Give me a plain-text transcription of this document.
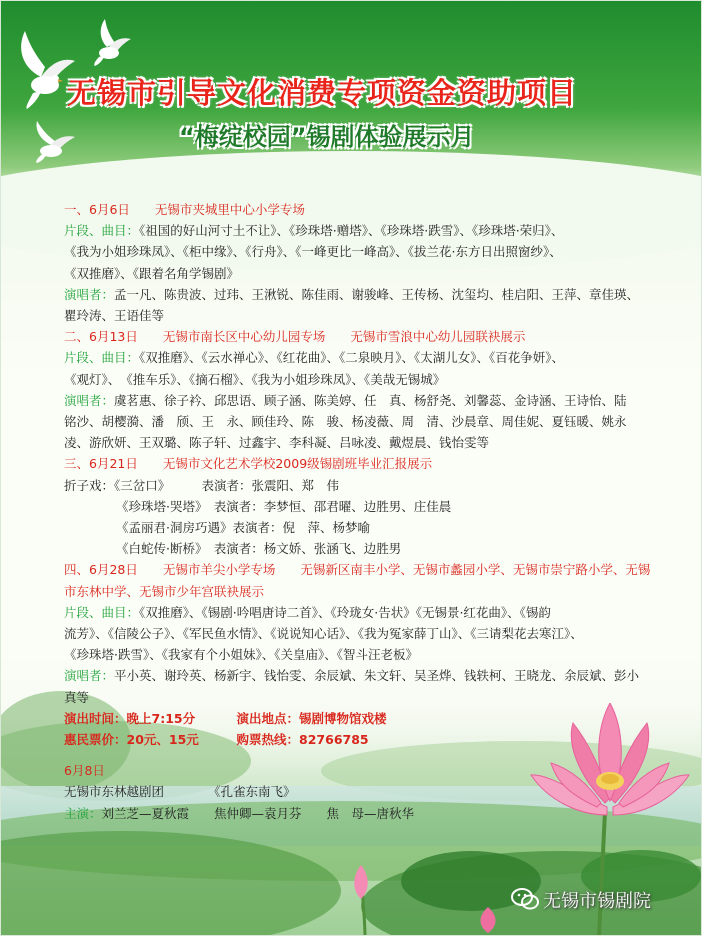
无锡市引导文化消费专项资金资助项目
“梅绽校园”锡剧体验展示月
一、6月6日　　无锡市夹城里中心小学专场
片段、曲目：《祖国的好山河寸土不让》、《珍珠塔·赠塔》、《珍珠塔·跌雪》、《珍珠塔·荣归》、
《我为小姐珍珠凤》、《柜中缘》、《行舟》、《一峰更比一峰高》、《拔兰花·东方日出照窗纱》、
《双推磨》、《跟着名角学锡剧》
演唱者：孟一凡、陈贵波、过玮、王湫锐、陈佳雨、谢骏峰、王传杨、沈玺均、桂启阳、王萍、章佳瑛、
瞿玲涛、王语佳等
二、6月13日　　无锡市南长区中心幼儿园专场　　无锡市雪浪中心幼儿园联袂展示
片段、曲目：《双推磨》、《云水禅心》、《红花曲》、《二泉映月》、《太湖儿女》、《百花争妍》、
《观灯》、　《推车乐》、《摘石榴》、《我为小姐珍珠凤》、《美哉无锡城》
演唱者：虞茗惠、徐子衿、邱思语、顾子涵、陈美婷、任　真、杨舒尧、刘馨蕊、金诗涵、王诗怡、陆
铭沙、胡樱漪、潘　颀、王　永、顾佳玲、陈　骏、杨凌薇、周　清、沙晨章、周佳妮、夏钰暖、姚永
凌、游欣妍、王双璐、陈子轩、过鑫宇、李科凝、吕咏凌、戴煜晨、钱怡雯等
三、6月21日　　无锡市文化艺术学校2009级锡剧班毕业汇报展示
折子戏：《三岔口》　　　表演者：张震阳、郑　伟
《珍珠塔·哭塔》　表演者：李梦恒、邵君曜、边胜男、庄佳晨
《孟丽君·洞房巧遇》表演者：倪　萍、杨梦喻
《白蛇传·断桥》　表演者：杨文娇、张涵飞、边胜男
四、6月28日　　无锡市羊尖小学专场　　无锡新区南丰小学、无锡市蠡园小学、无锡市崇宁路小学、无锡
市东林中学、无锡市少年宫联袂展示
片段、曲目：《双推磨》、《锡剧·吟唱唐诗二首》、《玲珑女·告状》《无锡景·红花曲》、《锡韵
流芳》、《信陵公子》、《军民鱼水情》、《说说知心话》、《我为冤家薛丁山》、《三请梨花去寒江》、
《珍珠塔·跌雪》、《我家有个小姐妹》、《关皇庙》、《智斗汪老板》
演唱者：平小英、谢玲英、杨新宇、钱怡雯、余辰斌、朱文轩、吴圣烨、钱轶柯、王晓龙、余辰斌、彭小
真等
演出时间：晚上7:15分	演出地点：锡剧博物馆戏楼
惠民票价：20元、15元	购票热线：82766785
6月8日
无锡市东林越剧团	《孔雀东南飞》
主演：刘兰芝—夏秋霞　　焦仲卿—袁月芬　　焦　母—唐秋华
无锡市锡剧院
